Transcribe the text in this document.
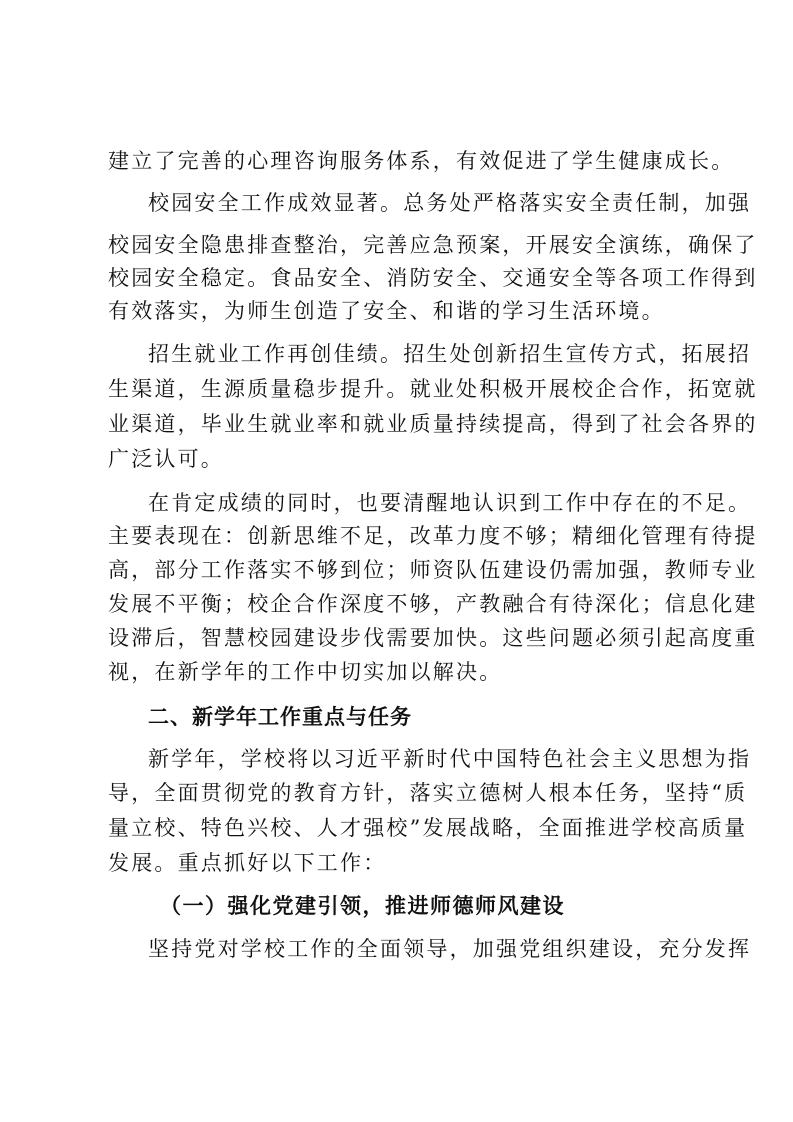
建立了完善的心理咨询服务体系，有效促进了学生健康成长。
校园安全工作成效显著。总务处严格落实安全责任制，加强
校园安全隐患排查整治，完善应急预案，开展安全演练，确保了
校园安全稳定。食品安全、消防安全、交通安全等各项工作得到
有效落实，为师生创造了安全、和谐的学习生活环境。
招生就业工作再创佳绩。招生处创新招生宣传方式，拓展招
生渠道，生源质量稳步提升。就业处积极开展校企合作，拓宽就
业渠道，毕业生就业率和就业质量持续提高，得到了社会各界的
广泛认可。
在肯定成绩的同时，也要清醒地认识到工作中存在的不足。
主要表现在：创新思维不足，改革力度不够；精细化管理有待提
高，部分工作落实不够到位；师资队伍建设仍需加强，教师专业
发展不平衡；校企合作深度不够，产教融合有待深化；信息化建
设滞后，智慧校园建设步伐需要加快。这些问题必须引起高度重
视，在新学年的工作中切实加以解决。
二、新学年工作重点与任务
新学年，学校将以习近平新时代中国特色社会主义思想为指
导，全面贯彻党的教育方针，落实立德树人根本任务，坚持“质
量立校、特色兴校、人才强校”发展战略，全面推进学校高质量
发展。重点抓好以下工作：
（一）强化党建引领，推进师德师风建设
坚持党对学校工作的全面领导，加强党组织建设，充分发挥
